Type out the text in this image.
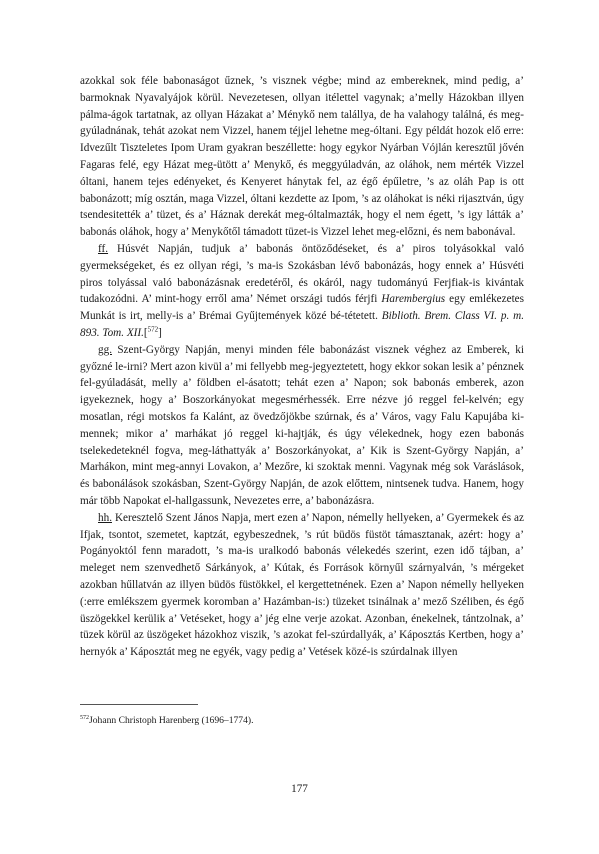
azokkal sok féle babonaságot űznek, ’s visznek végbe; mind az embereknek, mind pedig, a’ barmoknak Nyavalyájok körül. Nevezetesen, ollyan itélettel vagynak; a’melly Házokban illyen pálma-ágok tartatnak, az ollyan Házakat a’ Ménykő nem talállya, de ha valahogy találná, és meg-gyúladnának, tehát azokat nem Vizzel, hanem téjjel lehetne meg-óltani. Egy példát hozok elő erre: Idvezűlt Tiszteletes Ipom Uram gyakran beszéllette: hogy egykor Nyárban Vójlán keresztűl jővén Fagaras felé, egy Házat meg-ütött a’ Menykő, és meggyúladván, az oláhok, nem mérték Vizzel óltani, hanem tejes edényeket, és Kenyeret hánytak fel, az égő épűletre, ’s az oláh Pap is ott babonázott; míg osztán, maga Vizzel, óltani kezdette az Ipom, ’s az oláhokat is néki rijasztván, úgy tsendesitették a’ tüzet, és a’ Háznak derekát meg-óltalmazták, hogy el nem égett, ’s igy látták a’ babonás oláhok, hogy a’ Menykőtől támadott tüzet-is Vizzel lehet meg-előzni, és nem babonával.

ff. Húsvét Napján, tudjuk a’ babonás öntöződéseket, és a’ piros tolyásokkal való gyermekségeket, és ez ollyan régi, ’s ma-is Szokásban lévő babonázás, hogy ennek a’ Húsvéti piros tolyással való babonázásnak eredetéről, és okáról, nagy tudományú Ferjfiak-is kivántak tudakozódni. A’ mint-hogy erről ama’ Német országi tudós férjfi Harembergius egy emlékezetes Munkát is irt, melly-is a’ Brémai Gyűjtemények közé bé-tétetett. Biblioth. Brem. Class VI. p. m. 893. Tom. XII.[$^{572}$]

gg. Szent-György Napján, menyi minden féle babonázást visznek véghez az Emberek, ki győzné le-irni? Mert azon kivül a’ mi fellyebb meg-jegyeztetett, hogy ekkor sokan lesik a’ pénznek fel-gyúladását, melly a’ földben el-ásatott; tehát ezen a’ Napon; sok babonás emberek, azon igyekeznek, hogy a’ Boszorkányokat megesmérhessék. Erre nézve jó reggel fel-kelvén; egy mosatlan, régi motskos fa Kalánt, az övedzőjökbe szúrnak, és a’ Város, vagy Falu Kapujába ki-mennek; mikor a’ marhákat jó reggel ki-hajtják, és úgy vélekednek, hogy ezen babonás tselekedeteknél fogva, meg-láthattyák a’ Boszorkányokat, a’ Kik is Szent-György Napján, a’ Marhákon, mint meg-annyi Lovakon, a’ Mezőre, ki szoktak menni. Vagynak még sok Varáslások, és babonálások szokásban, Szent-György Napján, de azok előttem, nintsenek tudva. Hanem, hogy már több Napokat el-hallgassunk, Nevezetes erre, a’ babonázásra.

hh. Keresztelő Szent János Napja, mert ezen a’ Napon, némelly hellyeken, a’ Gyermekek és az Ifjak, tsontot, szemetet, kaptzát, egybeszednek, ’s rút büdös füstöt támasztanak, azért: hogy a’ Pogányoktól fenn maradott, ’s ma-is uralkodó babonás vélekedés szerint, ezen idő tájban, a’ meleget nem szenvedhető Sárkányok, a’ Kútak, és Források környűl szárnyalván, ’s mérgeket azokban hűllatván az illyen büdös füstökkel, el kergettetnének. Ezen a’ Napon némelly hellyeken (:erre emlékszem gyermek koromban a’ Hazámban-is:) tüzeket tsinálnak a’ mező Széliben, és égő üszögekkel kerülik a’ Vetéseket, hogy a’ jég elne verje azokat. Azonban, énekelnek, tántzolnak, a’ tüzek körül az üszögeket házokhoz viszik, ’s azokat fel-szúrdallyák, a’ Káposztás Kertben, hogy a’ hernyók a’ Káposztát meg ne egyék, vagy pedig a’ Vetések közé-is szúrdalnak illyen

$^{572}$Johann Christoph Harenberg (1696–1774).
177
